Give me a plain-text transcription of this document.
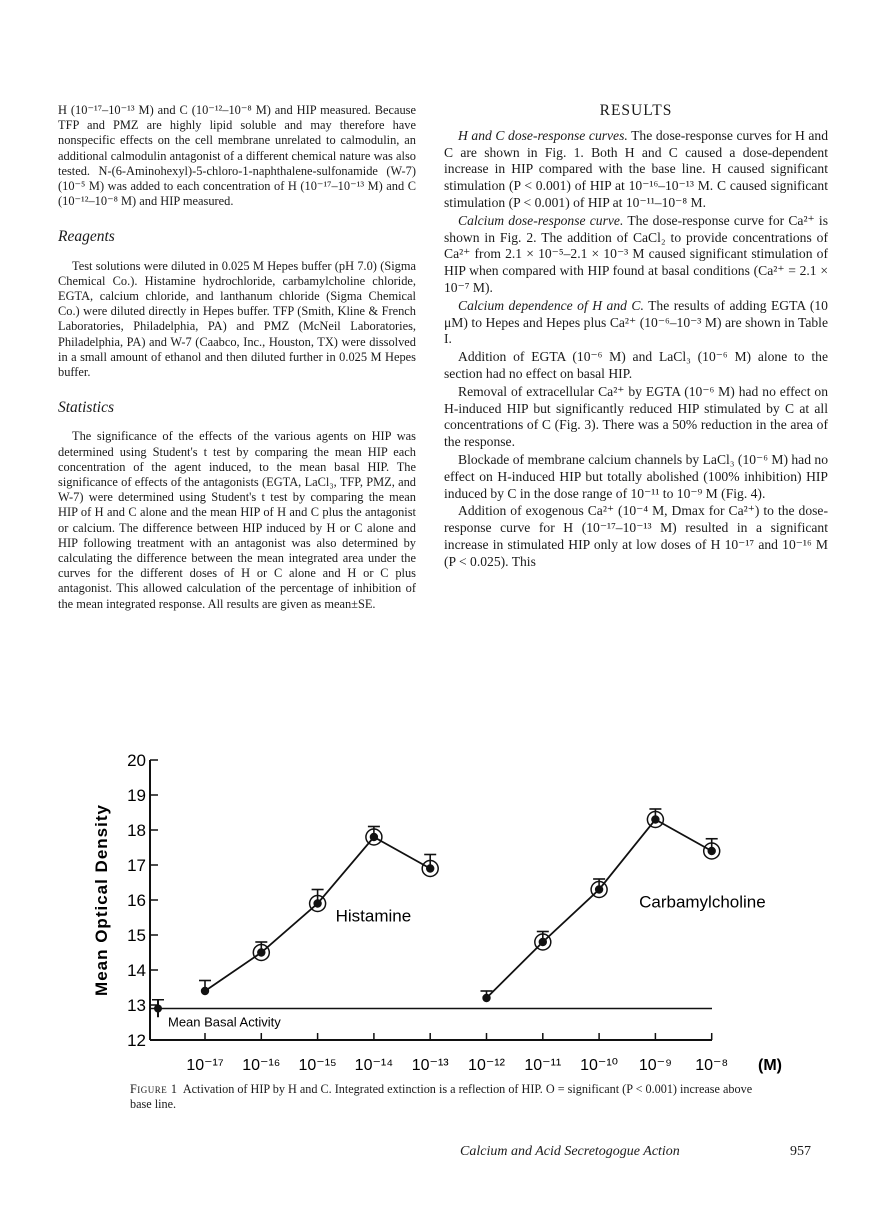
H (10⁻¹⁷–10⁻¹³ M) and C (10⁻¹²–10⁻⁸ M) and HIP measured. Because TFP and PMZ are highly lipid soluble and may therefore have nonspecific effects on the cell membrane unrelated to calmodulin, an additional calmodulin antagonist of a different chemical nature was also tested. N-(6-Aminohexyl)-5-chloro-1-naphthalene-sulfonamide (W-7) (10⁻⁵ M) was added to each concentration of H (10⁻¹⁷–10⁻¹³ M) and C (10⁻¹²–10⁻⁸ M) and HIP measured.

Reagents

Test solutions were diluted in 0.025 M Hepes buffer (pH 7.0) (Sigma Chemical Co.). Histamine hydrochloride, carbamylcholine chloride, EGTA, calcium chloride, and lanthanum chloride (Sigma Chemical Co.) were diluted directly in Hepes buffer. TFP (Smith, Kline & French Laboratories, Philadelphia, PA) and PMZ (McNeil Laboratories, Philadelphia, PA) and W-7 (Caabco, Inc., Houston, TX) were dissolved in a small amount of ethanol and then diluted further in 0.025 M Hepes buffer.

Statistics

The significance of the effects of the various agents on HIP was determined using Student's t test by comparing the mean HIP each concentration of the agent induced, to the mean basal HIP. The significance of effects of the antagonists (EGTA, LaCl₃, TFP, PMZ, and W-7) were determined using Student's t test by comparing the mean HIP of H and C alone and the mean HIP of H and C plus the antagonist or calcium. The difference between HIP induced by H or C alone and HIP following treatment with an antagonist was also determined by calculating the difference between the mean integrated area under the curves for the different doses of H or C alone and H or C plus antagonist. This allowed calculation of the percentage of inhibition of the mean integrated response. All results are given as mean±SE.

RESULTS

H and C dose-response curves. The dose-response curves for H and C are shown in Fig. 1. Both H and C caused a dose-dependent increase in HIP compared with the base line. H caused significant stimulation (P < 0.001) of HIP at 10⁻¹⁶–10⁻¹³ M. C caused significant stimulation (P < 0.001) of HIP at 10⁻¹¹–10⁻⁸ M.

Calcium dose-response curve. The dose-response curve for Ca²⁺ is shown in Fig. 2. The addition of CaCl₂ to provide concentrations of Ca²⁺ from 2.1 × 10⁻⁵–2.1 × 10⁻³ M caused significant stimulation of HIP when compared with HIP found at basal conditions (Ca²⁺ = 2.1 × 10⁻⁷ M).

Calcium dependence of H and C. The results of adding EGTA (10 μM) to Hepes and Hepes plus Ca²⁺ (10⁻⁶–10⁻³ M) are shown in Table I.

Addition of EGTA (10⁻⁶ M) and LaCl₃ (10⁻⁶ M) alone to the section had no effect on basal HIP.

Removal of extracellular Ca²⁺ by EGTA (10⁻⁶ M) had no effect on H-induced HIP but significantly reduced HIP stimulated by C at all concentrations of C (Fig. 3). There was a 50% reduction in the area of the response.

Blockade of membrane calcium channels by LaCl₃ (10⁻⁶ M) had no effect on H-induced HIP but totally abolished (100% inhibition) HIP induced by C in the dose range of 10⁻¹¹ to 10⁻⁹ M (Fig. 4).

Addition of exogenous Ca²⁺ (10⁻⁴ M, Dmax for Ca²⁺) to the dose-response curve for H (10⁻¹⁷–10⁻¹³ M) resulted in a significant increase in stimulated HIP only at low doses of H 10⁻¹⁷ and 10⁻¹⁶ M (P < 0.025). This

12
13
14
15
16
17
18
19
20
10⁻¹⁷ 10⁻¹⁶ 10⁻¹⁵ 10⁻¹⁴ 10⁻¹³ 10⁻¹² 10⁻¹¹ 10⁻¹⁰ 10⁻⁹ 10⁻⁸ (M)
Mean Optical Density
Mean Basal Activity
Histamine
Carbamylcholine
Figure 1 Activation of HIP by H and C. Integrated extinction is a reflection of HIP. O = significant (P < 0.001) increase above base line.
Calcium and Acid Secretogogue Action	957
